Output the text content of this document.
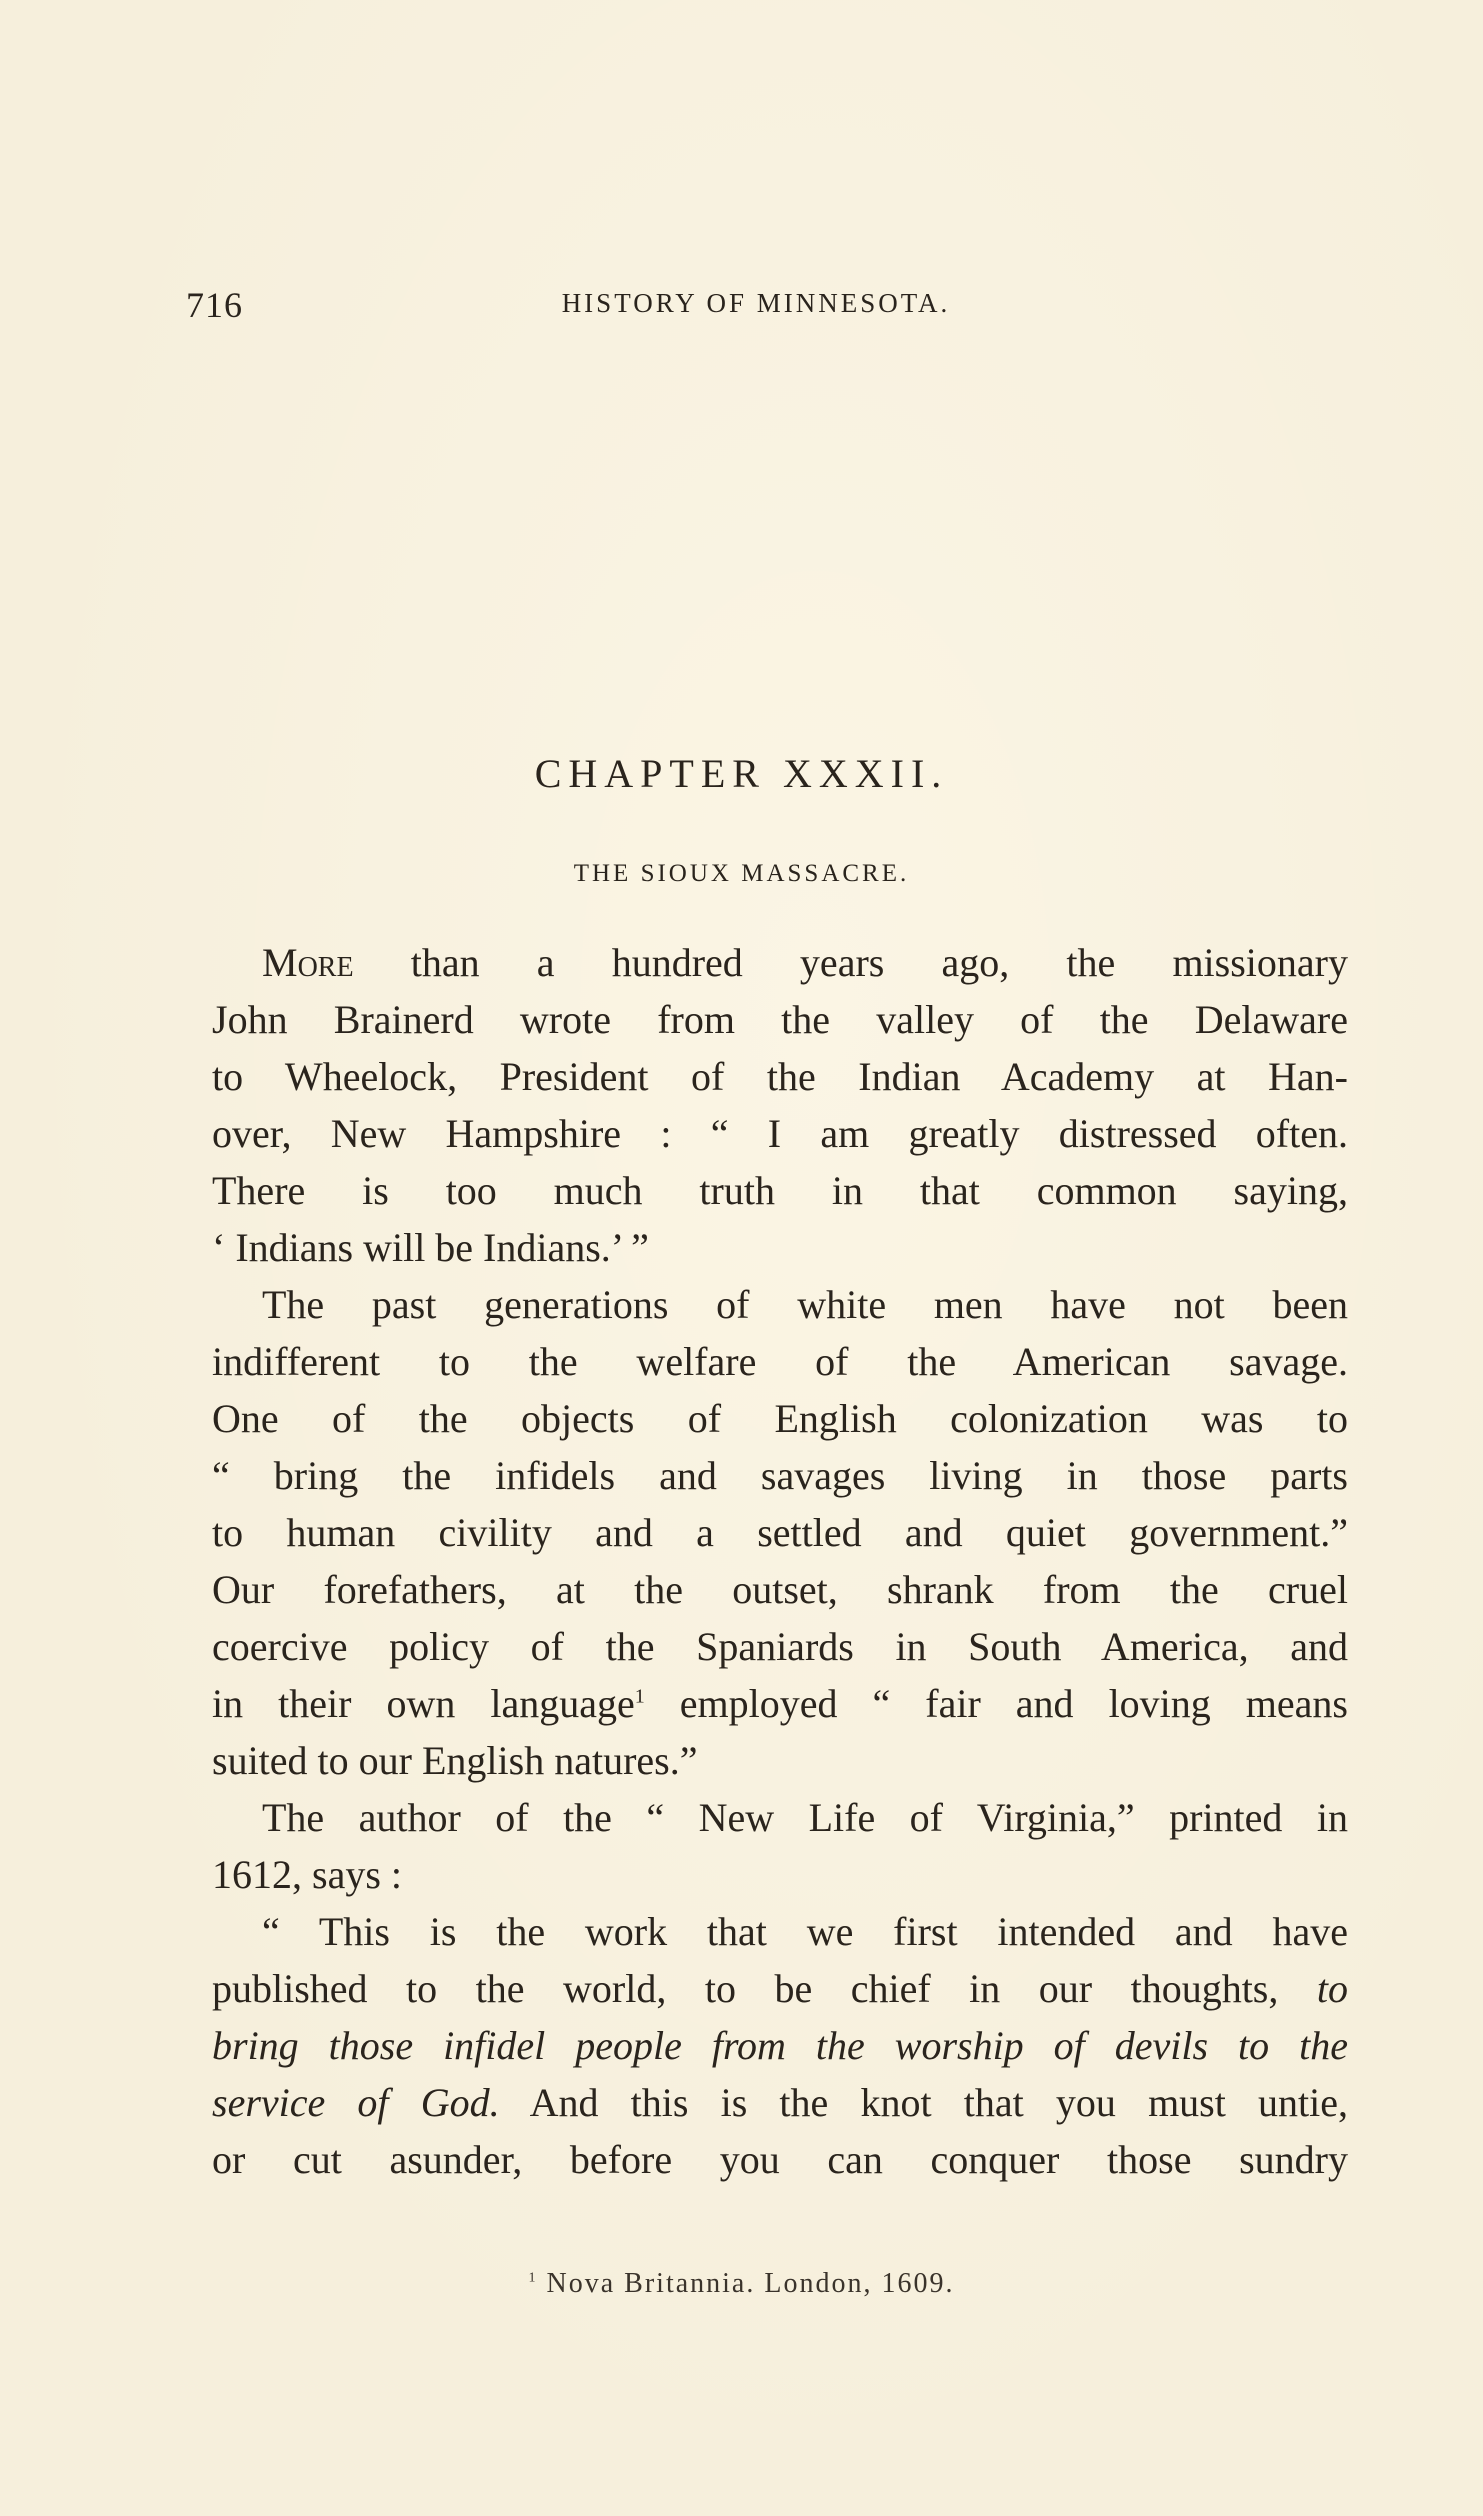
716	HISTORY OF MINNESOTA.
CHAPTER XXXII.
THE SIOUX MASSACRE.
More than a hundred years ago, the missionary
John Brainerd wrote from the valley of the Delaware
to Wheelock, President of the Indian Academy at Han-
over, New Hampshire : “ I am greatly distressed often.
There is too much truth in that common saying,
‘ Indians will be Indians.’ ”
The past generations of white men have not been
indifferent to the welfare of the American savage.
One of the objects of English colonization was to
“ bring the infidels and savages living in those parts
to human civility and a settled and quiet government.”
Our forefathers, at the outset, shrank from the cruel
coercive policy of the Spaniards in South America, and
in their own language$^1$ employed “ fair and loving means
suited to our English natures.”
The author of the “ New Life of Virginia,” printed in
1612, says :
“ This is the work that we first intended and have
published to the world, to be chief in our thoughts, to
bring those infidel people from the worship of devils to the
service of God. And this is the knot that you must untie,
or cut asunder, before you can conquer those sundry
$^1$ Nova Britannia. London, 1609.
